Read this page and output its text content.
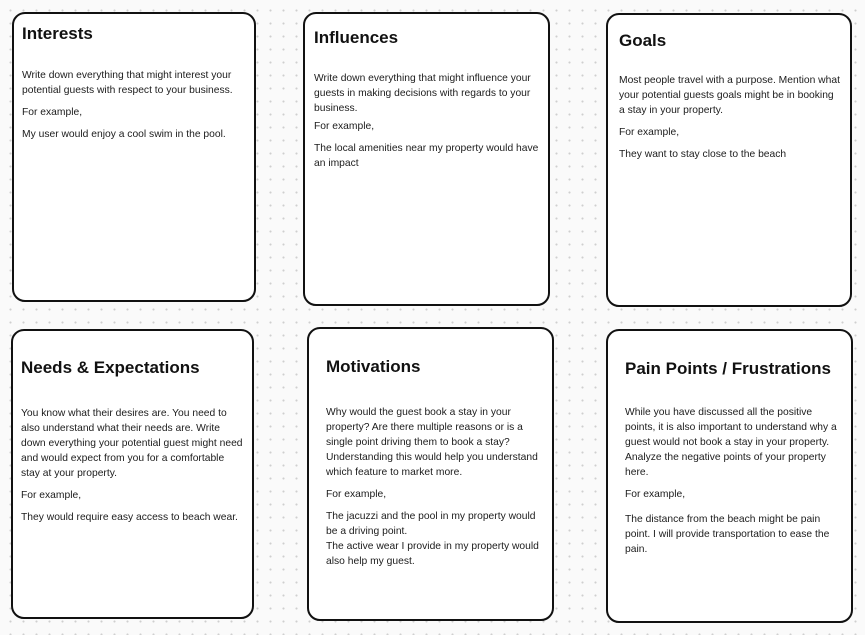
Interests

Write down everything that might interest your potential guests with respect to your business.

For example,

My user would enjoy a cool swim in the pool.

Influences

Write down everything that might influence your guests in making decisions with regards to your business.

For example,

The local amenities near my property would have an impact

Goals

Most people travel with a purpose. Mention what your potential guests goals might be in booking a stay in your property.

For example,

They want to stay close to the beach

Needs & Expectations

You know what their desires are. You need to also understand what their needs are. Write down everything your potential guest might need and would expect from you for a comfortable stay at your property.

For example,

They would require easy access to beach wear.

Motivations

Why would the guest book a stay in your property? Are there multiple reasons or is a single point driving them to book a stay? Understanding this would help you understand which feature to market more.

For example,

The jacuzzi and the pool in my property would be a driving point.

The active wear I provide in my property would also help my guest.

Pain Points / Frustrations

While you have discussed all the positive points, it is also important to understand why a guest would not book a stay in your property. Analyze the negative points of your property here.

For example,

The distance from the beach might be pain point. I will provide transportation to ease the pain.
